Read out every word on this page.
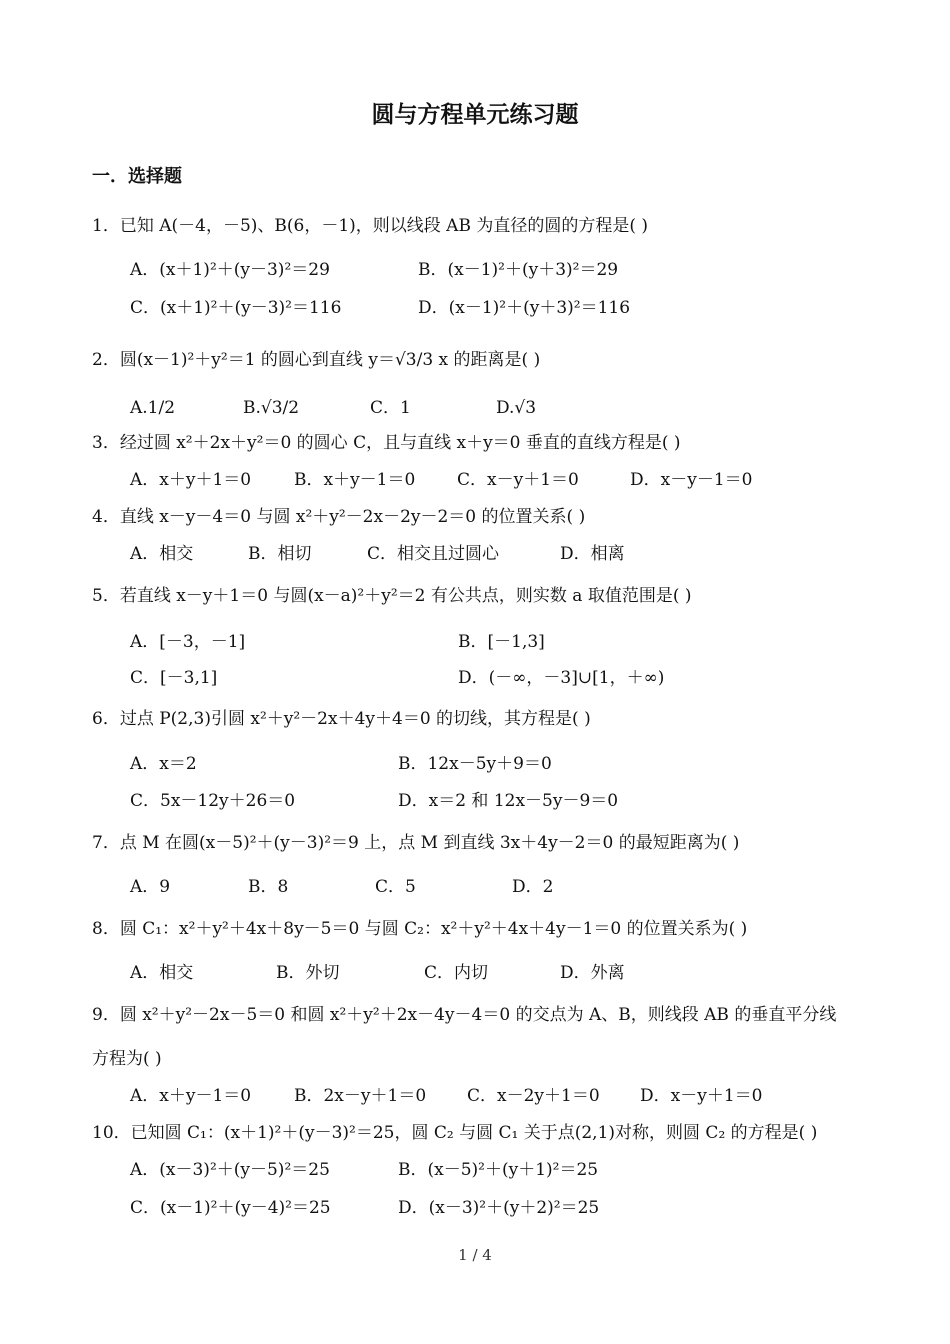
圆与方程单元练习题
一．选择题
1．已知 A(－4，－5)、B(6，－1)，则以线段 AB 为直径的圆的方程是( )
A．(x＋1)²＋(y－3)²＝29	B．(x－1)²＋(y＋3)²＝29
C．(x＋1)²＋(y－3)²＝116	D．(x－1)²＋(y＋3)²＝116
2．圆(x－1)²＋y²＝1 的圆心到直线 y＝√3/3 x 的距离是( )
A.1/2	B.√3/2	C．1	D.√3
3．经过圆 x²＋2x＋y²＝0 的圆心 C，且与直线 x＋y＝0 垂直的直线方程是( )
A．x＋y＋1＝0	B．x＋y－1＝0 C．x－y＋1＝0	D．x－y－1＝0
4．直线 x－y－4＝0 与圆 x²＋y²－2x－2y－2＝0 的位置关系( )
A．相交	B．相切	C．相交且过圆心	D．相离
5．若直线 x－y＋1＝0 与圆(x－a)²＋y²＝2 有公共点，则实数 a 取值范围是( )
A．[－3，－1]	B．[－1,3]
C．[－3,1]	D．(－∞，－3]∪[1，＋∞)
6．过点 P(2,3)引圆 x²＋y²－2x＋4y＋4＝0 的切线，其方程是( )
A．x＝2	B．12x－5y＋9＝0
C．5x－12y＋26＝0	D．x＝2 和 12x－5y－9＝0
7．点 M 在圆(x－5)²＋(y－3)²＝9 上，点 M 到直线 3x＋4y－2＝0 的最短距离为( )
A．9	B．8	C．5	D．2
8．圆 C₁：x²＋y²＋4x＋8y－5＝0 与圆 C₂：x²＋y²＋4x＋4y－1＝0 的位置关系为( )
A．相交	B．外切	C．内切	D．外离
9．圆 x²＋y²－2x－5＝0 和圆 x²＋y²＋2x－4y－4＝0 的交点为 A、B，则线段 AB 的垂直平分线
方程为( )
A．x＋y－1＝0	B．2x－y＋1＝0 C．x－2y＋1＝0 D．x－y＋1＝0
10．已知圆 C₁：(x＋1)²＋(y－3)²＝25，圆 C₂ 与圆 C₁ 关于点(2,1)对称，则圆 C₂ 的方程是( )
A．(x－3)²＋(y－5)²＝25	B．(x－5)²＋(y＋1)²＝25
C．(x－1)²＋(y－4)²＝25	D．(x－3)²＋(y＋2)²＝25
1 / 4
